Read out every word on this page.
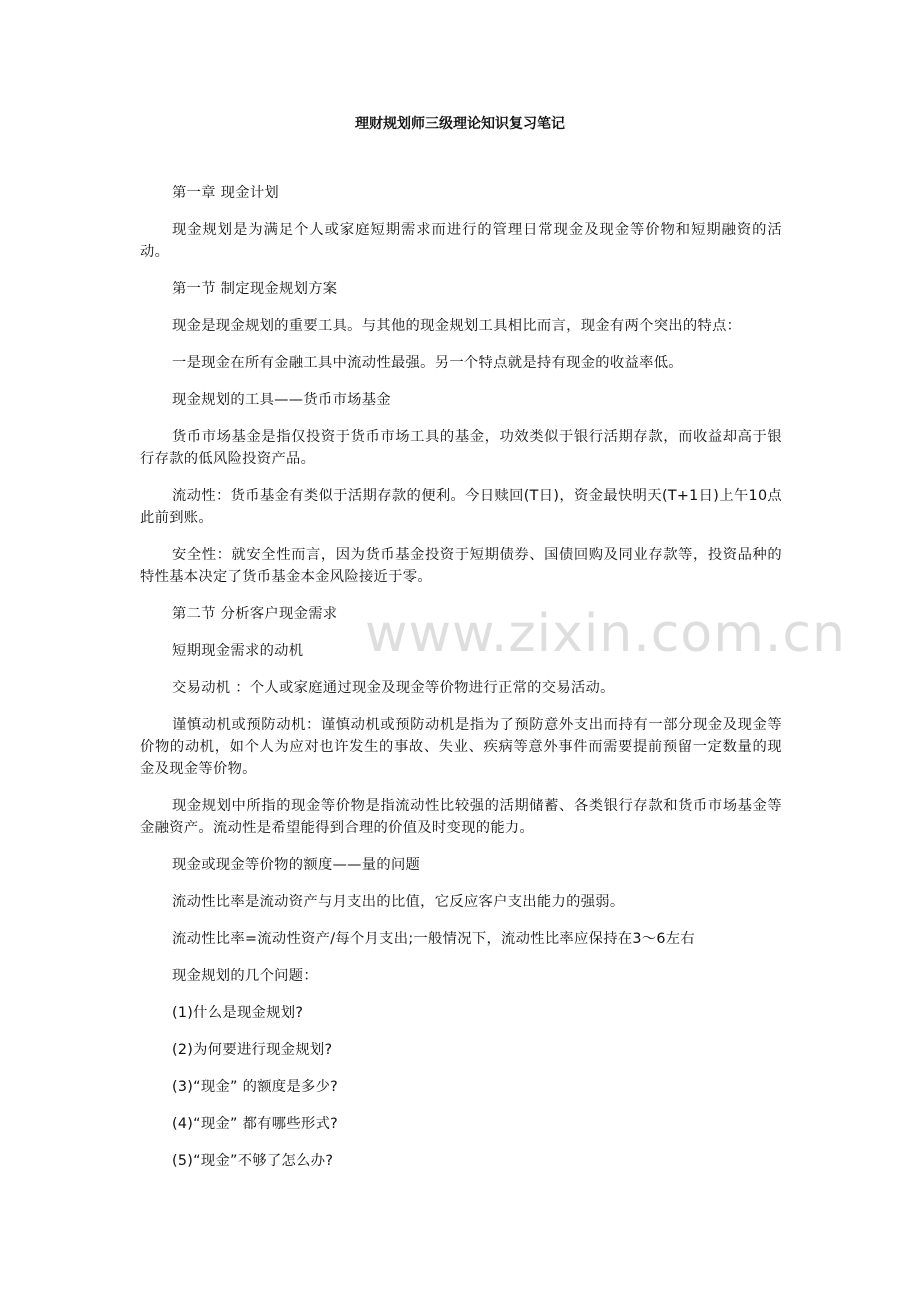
理财规划师三级理论知识复习笔记

第一章 现金计划

现金规划是为满足个人或家庭短期需求而进行的管理日常现金及现金等价物和短期融资的活动。

第一节 制定现金规划方案

现金是现金规划的重要工具。与其他的现金规划工具相比而言，现金有两个突出的特点：

一是现金在所有金融工具中流动性最强。另一个特点就是持有现金的收益率低。

现金规划的工具——货币市场基金

货币市场基金是指仅投资于货币市场工具的基金，功效类似于银行活期存款，而收益却高于银行存款的低风险投资产品。

流动性：货币基金有类似于活期存款的便利。今日赎回(T日)，资金最快明天(T+1日)上午10点此前到账。

安全性：就安全性而言，因为货币基金投资于短期债券、国债回购及同业存款等，投资品种的特性基本决定了货币基金本金风险接近于零。

第二节 分析客户现金需求

短期现金需求的动机

交易动机 ：个人或家庭通过现金及现金等价物进行正常的交易活动。

谨慎动机或预防动机：谨慎动机或预防动机是指为了预防意外支出而持有一部分现金及现金等价物的动机，如个人为应对也许发生的事故、失业、疾病等意外事件而需要提前预留一定数量的现金及现金等价物。

现金规划中所指的现金等价物是指流动性比较强的活期储蓄、各类银行存款和货币市场基金等金融资产。流动性是希望能得到合理的价值及时变现的能力。

现金或现金等价物的额度——量的问题

流动性比率是流动资产与月支出的比值，它反应客户支出能力的强弱。

流动性比率=流动性资产/每个月支出;一般情况下，流动性比率应保持在3～6左右

现金规划的几个问题：

(1)什么是现金规划?

(2)为何要进行现金规划?

(3)“现金” 的额度是多少?

(4)“现金” 都有哪些形式?

(5)“现金”不够了怎么办?

www.zixin.com.cn
